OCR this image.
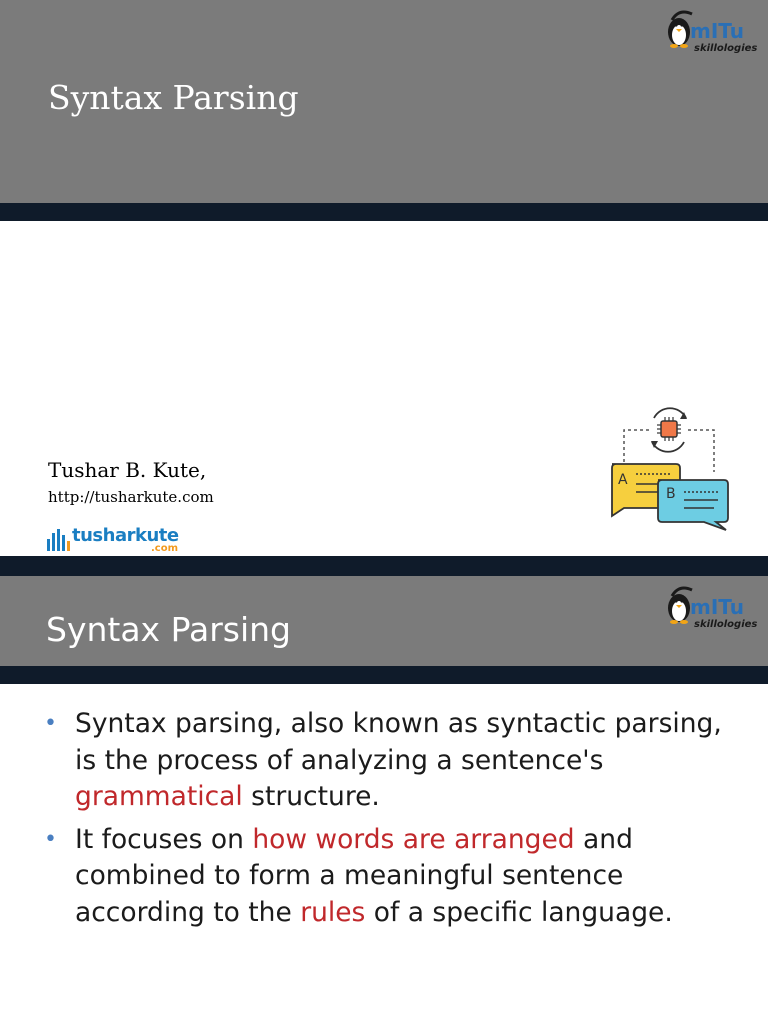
Syntax Parsing
mITu
skillologies
Tushar B. Kute,
http://tusharkute.com
tusharkute
.com
A
B
Syntax Parsing
mITu
skillologies
• Syntax parsing, also known as syntactic parsing, is the process of analyzing a sentence's grammatical structure.
• It focuses on how words are arranged and combined to form a meaningful sentence according to the rules of a specific language.
